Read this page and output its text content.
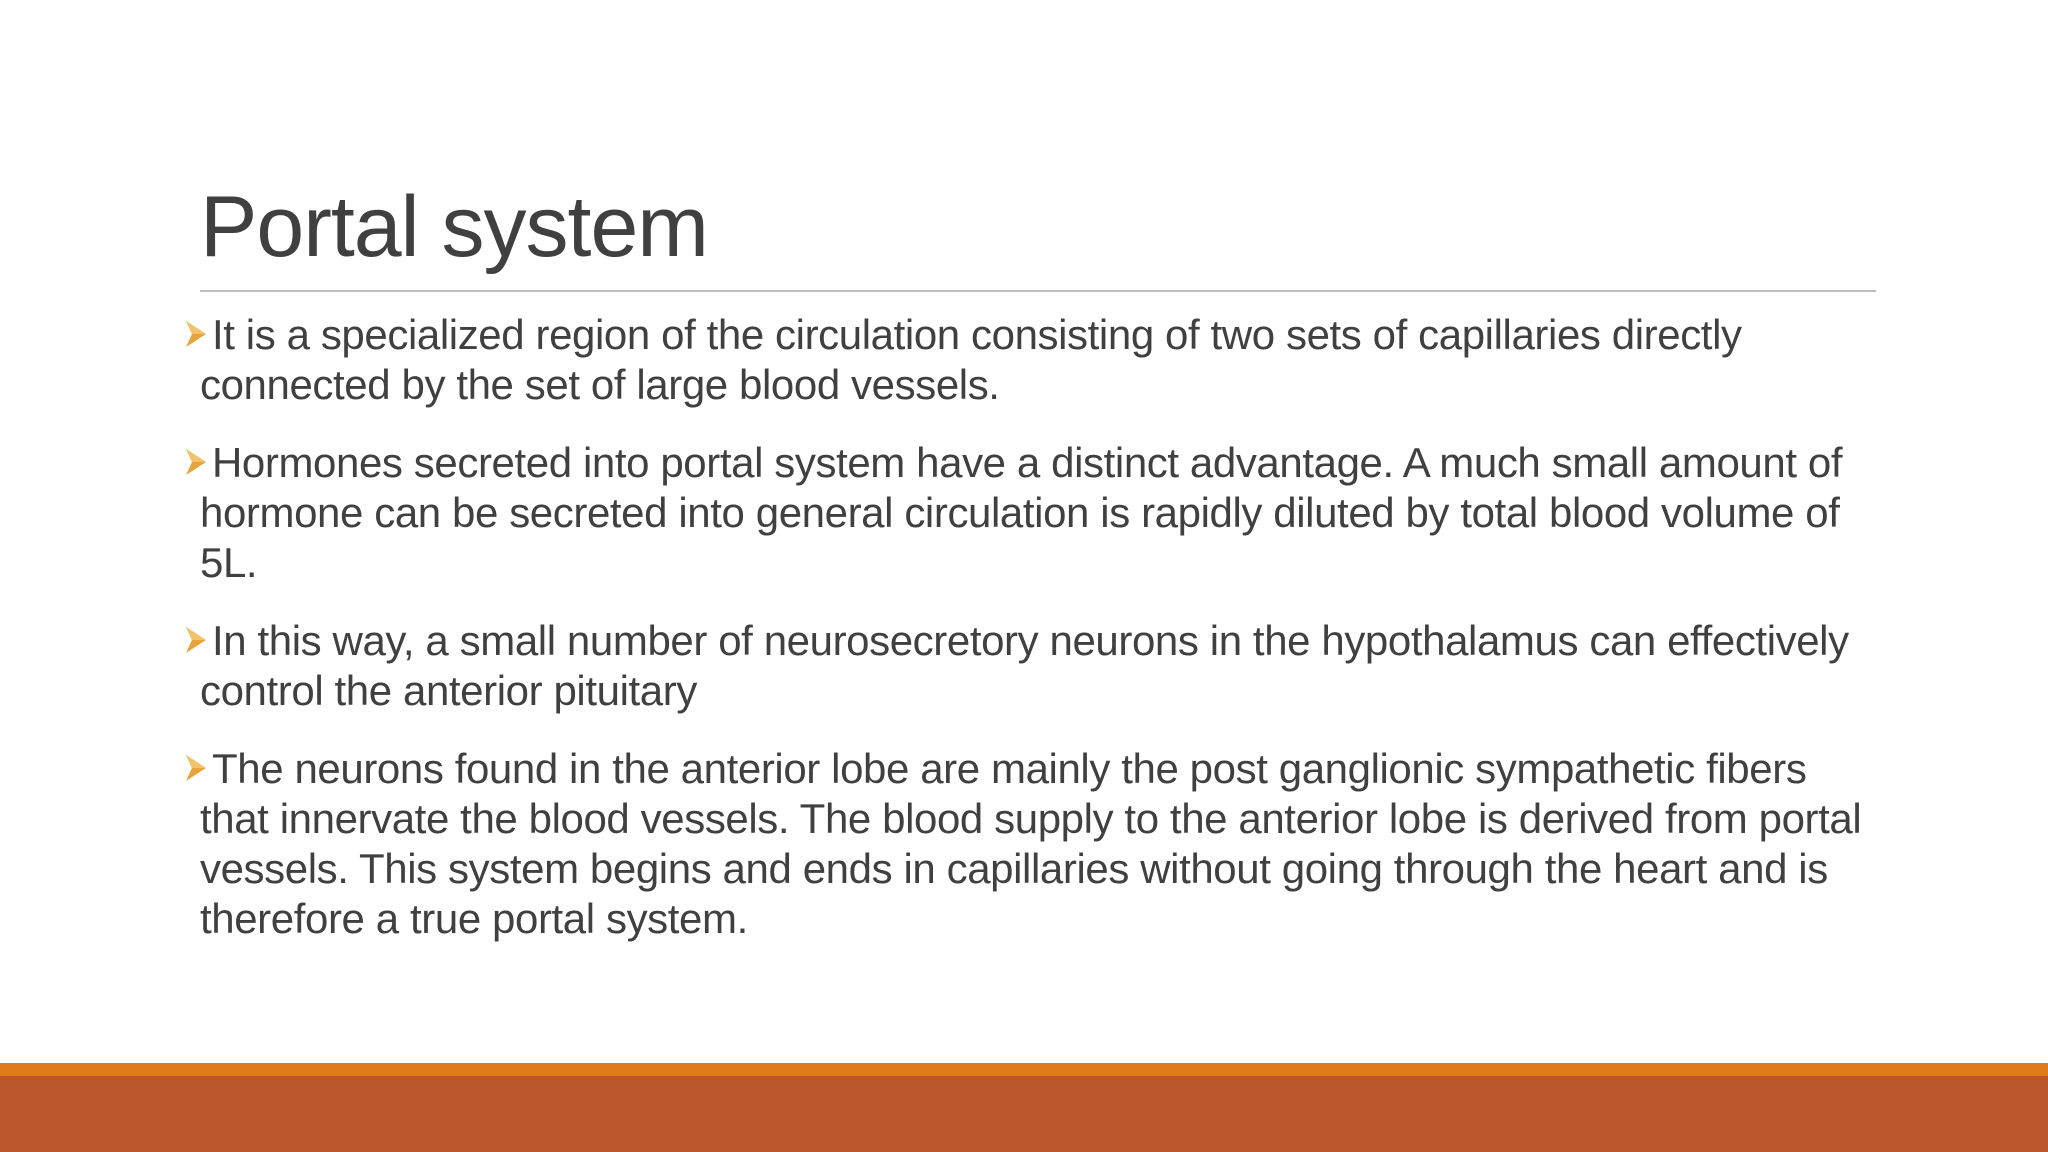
Portal system

It is a specialized region of the circulation consisting of two sets of capillaries directly connected by the set of large blood vessels.

Hormones secreted into portal system have a distinct advantage. A much small amount of hormone can be secreted into general circulation is rapidly diluted by total blood volume of 5L.

In this way, a small number of neurosecretory neurons in the hypothalamus can effectively control the anterior pituitary

The neurons found in the anterior lobe are mainly the post ganglionic sympathetic fibers that innervate the blood vessels. The blood supply to the anterior lobe is derived from portal vessels. This system begins and ends in capillaries without going through the heart and is therefore a true portal system.
